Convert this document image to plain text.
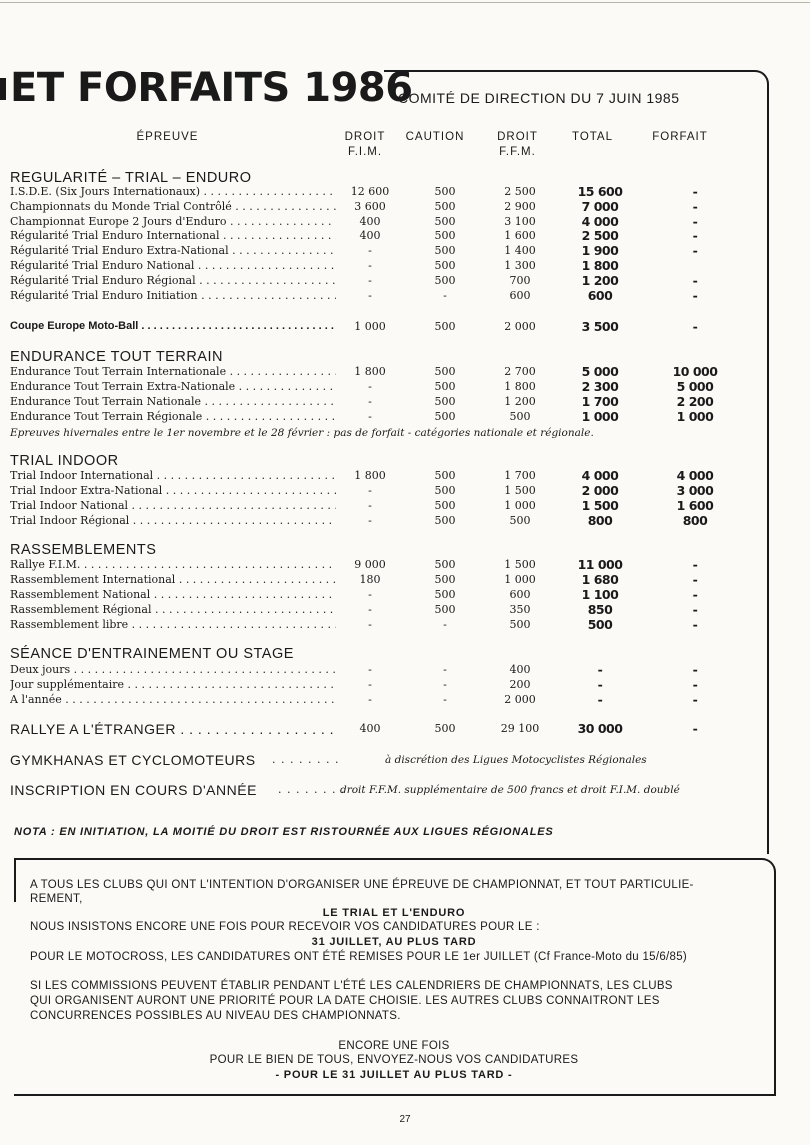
ET FORFAITS 1986
COMITÉ DE DIRECTION DU 7 JUIN 1985
ÉPREUVE	DROIT
F.I.M.
CAUTION	DROIT
F.F.M.
TOTAL	FORFAIT
REGULARITÉ – TRIAL – ENDURO
I.S.D.E. (Six Jours Internationaux) . . .	12 600	500	2 500	15 600	-
Championnats du Monde Trial Contrôlé . . .	3 600	500	2 900	7 000	-
Championnat Europe 2 Jours d'Enduro . . .	400	500	3 100	4 000	-
Régularité Trial Enduro International . . .	400	500	1 600	2 500	-
Régularité Trial Enduro Extra-National . . .	-	500	1 400	1 900	-
Régularité Trial Enduro National . . .	-	500	1 300	1 800
Régularité Trial Enduro Régional . . .	-	500	700	1 200	-
Régularité Trial Enduro Initiation . . .	-	-	600	600	-
Coupe Europe Moto-Ball . . .	1 000	500	2 000	3 500	-
ENDURANCE TOUT TERRAIN
Endurance Tout Terrain Internationale . . .	1 800	500	2 700	5 000	10 000
Endurance Tout Terrain Extra-Nationale . . .	-	500	1 800	2 300	5 000
Endurance Tout Terrain Nationale . . .	-	500	1 200	1 700	2 200
Endurance Tout Terrain Régionale . . .	-	500	500	1 000	1 000
Epreuves hivernales entre le 1er novembre et le 28 février : pas de forfait - catégories nationale et régionale.
TRIAL INDOOR
Trial Indoor International . . .	1 800	500	1 700	4 000	4 000
Trial Indoor Extra-National . . .	-	500	1 500	2 000	3 000
Trial Indoor National . . .	-	500	1 000	1 500	1 600
Trial Indoor Régional . . .	-	500	500	800	800
RASSEMBLEMENTS
Rallye F.I.M. . . .	9 000	500	1 500	11 000	-
Rassemblement International . . .	180	500	1 000	1 680	-
Rassemblement National . . .	-	500	600	1 100	-
Rassemblement Régional . . .	-	500	350	850	-
Rassemblement libre . . .	-	-	500	500	-
SÉANCE D'ENTRAINEMENT OU STAGE
Deux jours . . .	-	-	400	-	-
Jour supplémentaire . . .	-	-	200	-	-
A l'année . . .	-	-	2 000	-	-
RALLYE A L'ÉTRANGER . . .	400	500	29 100	30 000	-
GYMKHANAS ET CYCLOMOTEURS . . . . . . . .	à discrétion des Ligues Motocyclistes Régionales
INSCRIPTION EN COURS D'ANNÉE . . . . . . . .
droit F.F.M. supplémentaire de 500 francs et droit F.I.M. doublé
NOTA : EN INITIATION, LA MOITIÉ DU DROIT EST RISTOURNÉE AUX LIGUES RÉGIONALES
A TOUS LES CLUBS QUI ONT L'INTENTION D'ORGANISER UNE ÉPREUVE DE CHAMPIONNAT, ET TOUT PARTICULIE-
REMENT,
LE TRIAL ET L'ENDURO
NOUS INSISTONS ENCORE UNE FOIS POUR RECEVOIR VOS CANDIDATURES POUR LE :
31 JUILLET, AU PLUS TARD
POUR LE MOTOCROSS, LES CANDIDATURES ONT ÉTÉ REMISES POUR LE 1er JUILLET (Cf France-Moto du 15/6/85)
SI LES COMMISSIONS PEUVENT ÉTABLIR PENDANT L'ÉTÉ LES CALENDRIERS DE CHAMPIONNATS, LES CLUBS
QUI ORGANISENT AURONT UNE PRIORITÉ POUR LA DATE CHOISIE. LES AUTRES CLUBS CONNAITRONT LES
CONCURRENCES POSSIBLES AU NIVEAU DES CHAMPIONNATS.
ENCORE UNE FOIS
POUR LE BIEN DE TOUS, ENVOYEZ-NOUS VOS CANDIDATURES
- POUR LE 31 JUILLET AU PLUS TARD -
27
